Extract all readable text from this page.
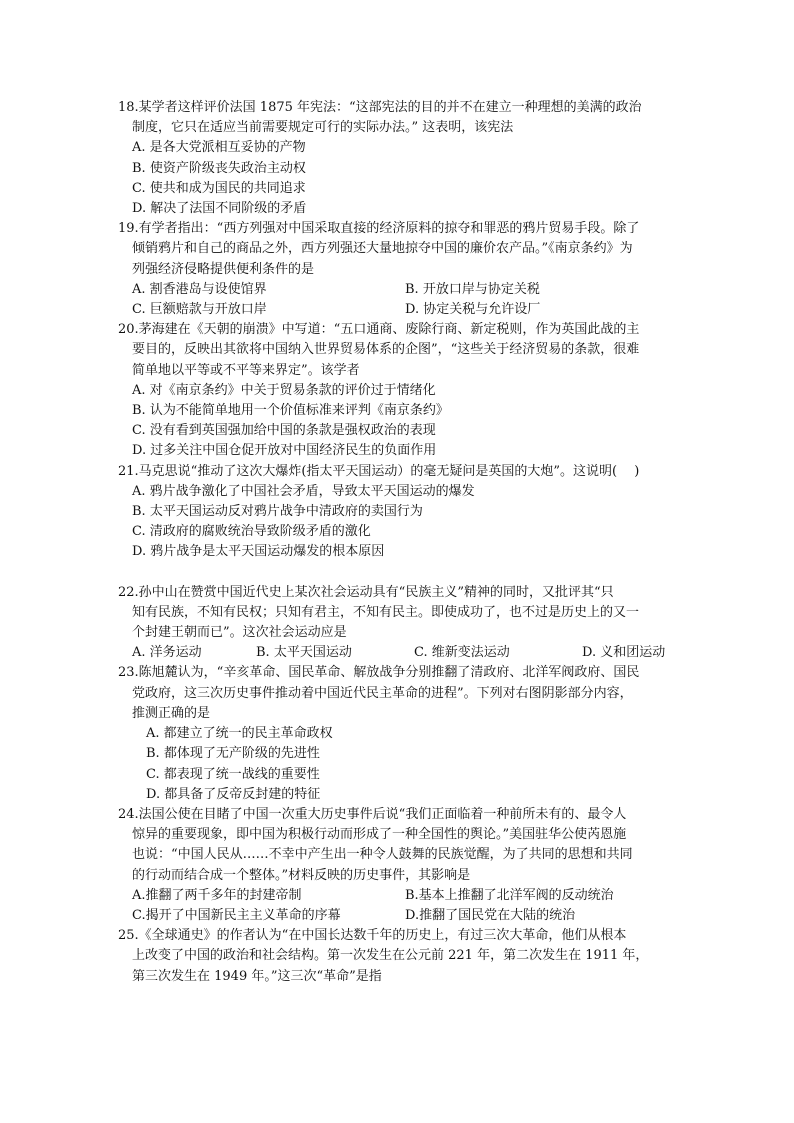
18.某学者这样评价法国 1875 年宪法：“这部宪法的目的并不在建立一种理想的美满的政治
制度，它只在适应当前需要规定可行的实际办法。” 这表明，该宪法

A. 是各大党派相互妥协的产物

B. 使资产阶级丧失政治主动权

C. 使共和成为国民的共同追求

D. 解决了法国不同阶级的矛盾

19.有学者指出：“西方列强对中国采取直接的经济原料的掠夺和罪恶的鸦片贸易手段。除了
倾销鸦片和自己的商品之外，西方列强还大量地掠夺中国的廉价农产品。”《南京条约》为
列强经济侵略提供便利条件的是

A. 割香港岛与设使馆界	B. 开放口岸与协定关税
C. 巨额赔款与开放口岸	D. 协定关税与允许设厂

20.茅海建在《天朝的崩溃》中写道：“五口通商、废除行商、新定税则，作为英国此战的主
要目的，反映出其欲将中国纳入世界贸易体系的企图”，“这些关于经济贸易的条款，很难
简单地以平等或不平等来界定”。该学者

A. 对《南京条约》中关于贸易条款的评价过于情绪化

B. 认为不能简单地用一个价值标准来评判《南京条约》

C. 没有看到英国强加给中国的条款是强权政治的表现

D. 过多关注中国仓促开放对中国经济民生的负面作用

21.马克思说“推动了这次大爆炸(指太平天国运动）的毫无疑问是英国的大炮”。这说明(　 )

A. 鸦片战争激化了中国社会矛盾，导致太平天国运动的爆发

B. 太平天国运动反对鸦片战争中清政府的卖国行为

C. 清政府的腐败统治导致阶级矛盾的激化

D. 鸦片战争是太平天国运动爆发的根本原因

22.孙中山在赞赏中国近代史上某次社会运动具有“民族主义”精神的同时，又批评其“只
知有民族，不知有民权；只知有君主，不知有民主。即使成功了，也不过是历史上的又一
个封建王朝而已”。这次社会运动应是

A. 洋务运动	B. 太平天国运动	C. 维新变法运动	D. 义和团运动

23.陈旭麓认为，“辛亥革命、国民革命、解放战争分别推翻了清政府、北洋军阀政府、国民
党政府，这三次历史事件推动着中国近代民主革命的进程”。下列对右图阴影部分内容，
推测正确的是

A. 都建立了统一的民主革命政权

B. 都体现了无产阶级的先进性

C. 都表现了统一战线的重要性

D. 都具备了反帝反封建的特征

24.法国公使在目睹了中国一次重大历史事件后说“我们正面临着一种前所未有的、最令人
惊异的重要现象，即中国为积极行动而形成了一种全国性的舆论。”美国驻华公使芮恩施
也说：“中国人民从……不幸中产生出一种令人鼓舞的民族觉醒，为了共同的思想和共同
的行动而结合成一个整体。”材料反映的历史事件，其影响是

A.推翻了两千多年的封建帝制	B.基本上推翻了北洋军阀的反动统治
C.揭开了中国新民主主义革命的序幕	D.推翻了国民党在大陆的统治

25.《全球通史》的作者认为“在中国长达数千年的历史上，有过三次大革命，他们从根本
上改变了中国的政治和社会结构。第一次发生在公元前 221 年，第二次发生在 1911 年，
第三次发生在 1949 年。”这三次“革命”是指
